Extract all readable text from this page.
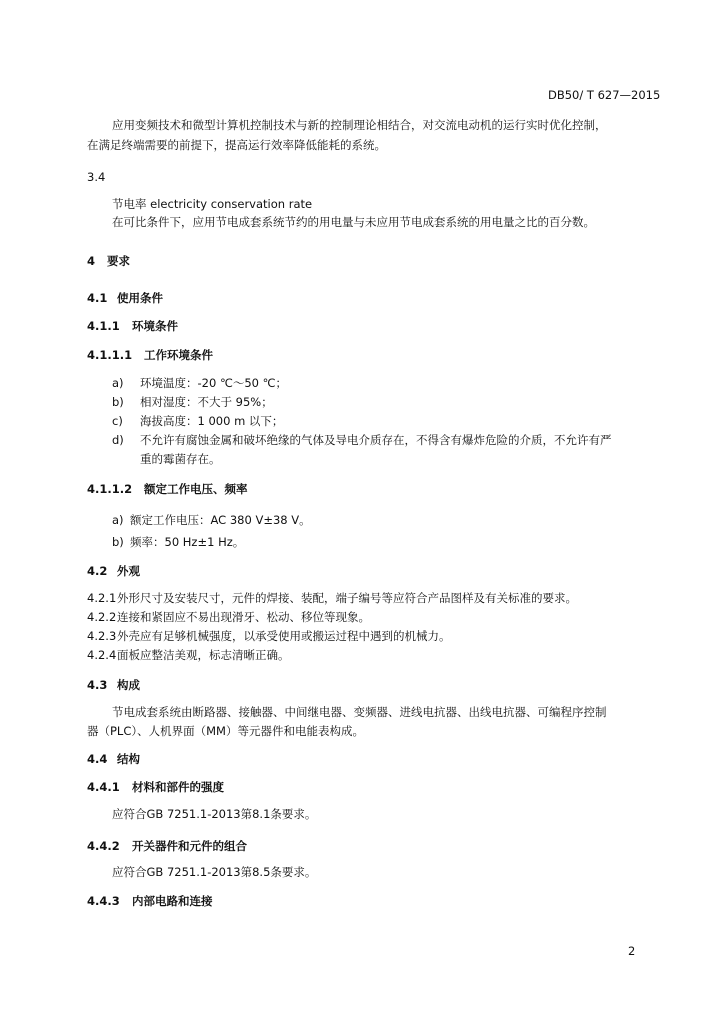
DB50/ T 627—2015
应用变频技术和微型计算机控制技术与新的控制理论相结合，对交流电动机的运行实时优化控制，
在满足终端需要的前提下，提高运行效率降低能耗的系统。
3.4
节电率 electricity conservation rate
在可比条件下，应用节电成套系统节约的用电量与未应用节电成套系统的用电量之比的百分数。
4 要求
4.1 使用条件
4.1.1 环境条件
4.1.1.1 工作环境条件
a) 环境温度：-20 ℃～50 ℃；
b) 相对湿度：不大于 95%；
c) 海拔高度：1 000 m 以下；
d) 不允许有腐蚀金属和破坏绝缘的气体及导电介质存在，不得含有爆炸危险的介质，不允许有严
重的霉菌存在。
4.1.1.2 额定工作电压、频率
a) 额定工作电压：AC 380 V±38 V。
b) 频率：50 Hz±1 Hz。
4.2 外观
4.2.1外形尺寸及安装尺寸，元件的焊接、装配，端子编号等应符合产品图样及有关标准的要求。
4.2.2连接和紧固应不易出现滑牙、松动、移位等现象。
4.2.3外壳应有足够机械强度，以承受使用或搬运过程中遇到的机械力。
4.2.4面板应整洁美观，标志清晰正确。
4.3 构成
节电成套系统由断路器、接触器、中间继电器、变频器、进线电抗器、出线电抗器、可编程序控制
器（PLC）、人机界面（MM）等元器件和电能表构成。
4.4 结构
4.4.1 材料和部件的强度
应符合GB 7251.1-2013第8.1条要求。
4.4.2 开关器件和元件的组合
应符合GB 7251.1-2013第8.5条要求。
4.4.3 内部电路和连接
2
